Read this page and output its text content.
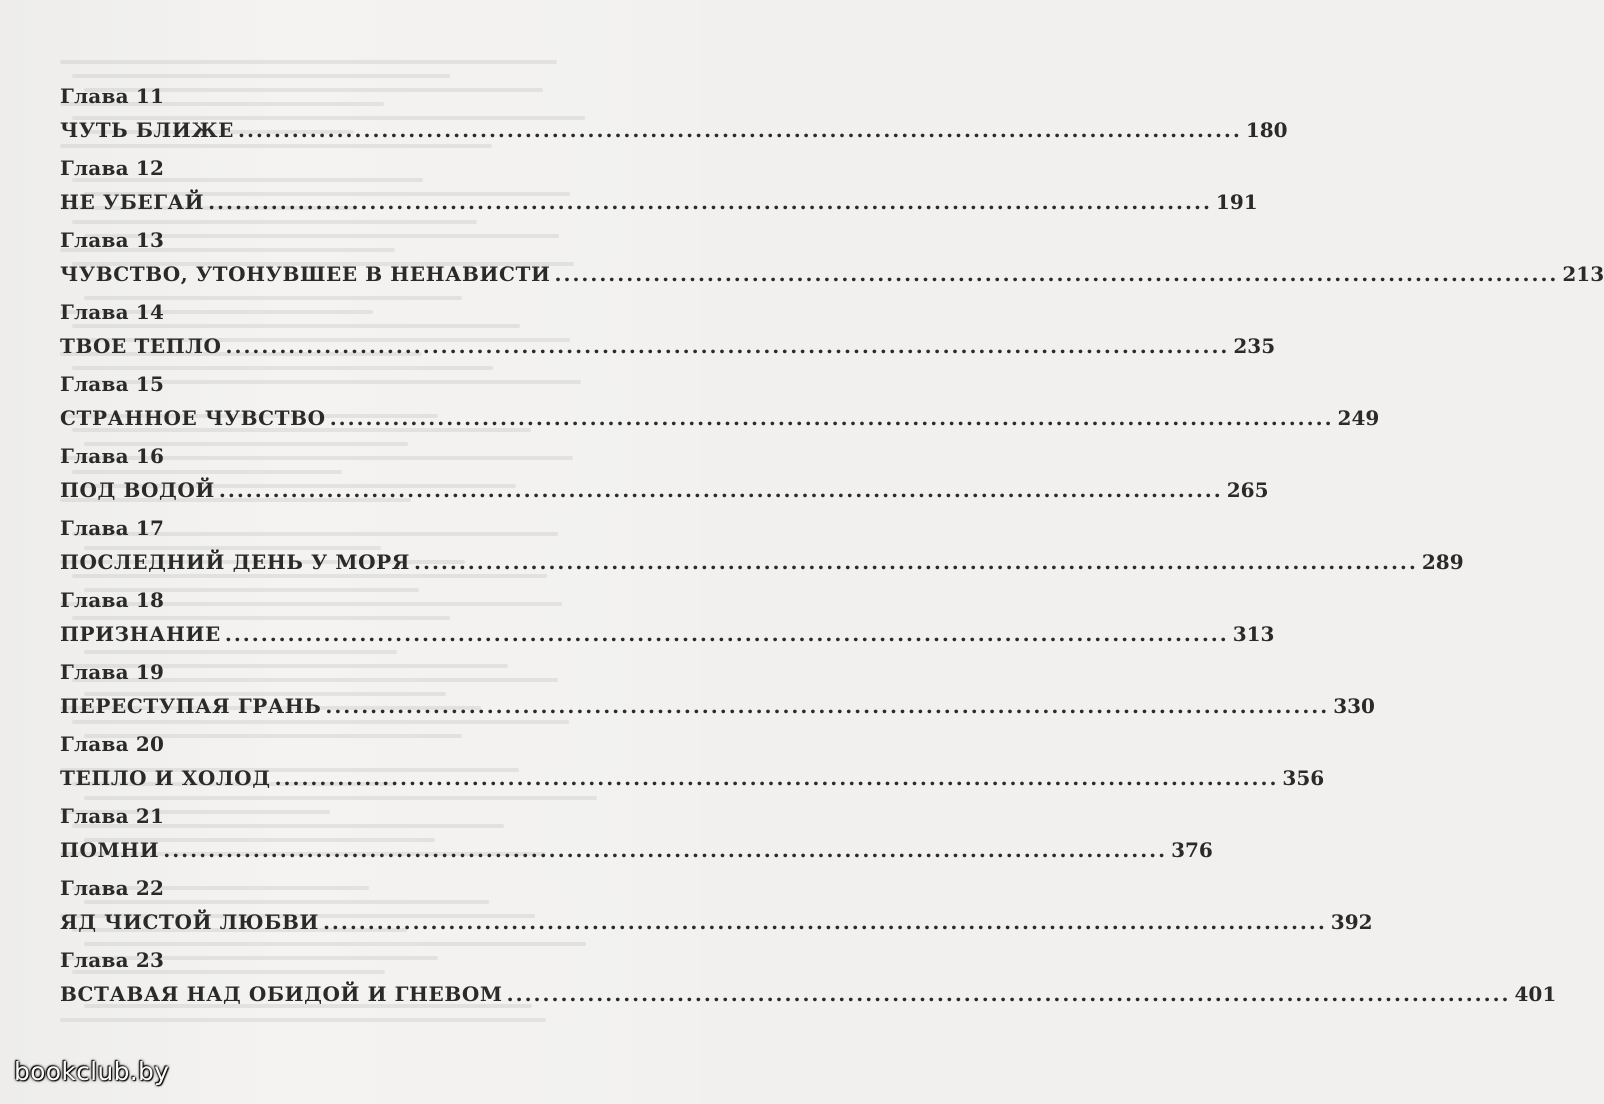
Глава 11
ЧУТЬ БЛИЖЕ ................................................................................................................ 180
Глава 12
НЕ УБЕГАЙ ................................................................................................................ 191
Глава 13
ЧУВСТВО, УТОНУВШЕЕ В НЕНАВИСТИ ................................................................................................................ 213
Глава 14
ТВОЕ ТЕПЛО ................................................................................................................ 235
Глава 15
СТРАННОЕ ЧУВСТВО ................................................................................................................ 249
Глава 16
ПОД ВОДОЙ ................................................................................................................ 265
Глава 17
ПОСЛЕДНИЙ ДЕНЬ У МОРЯ ................................................................................................................ 289
Глава 18
ПРИЗНАНИЕ ................................................................................................................ 313
Глава 19
ПЕРЕСТУПАЯ ГРАНЬ ................................................................................................................ 330
Глава 20
ТЕПЛО И ХОЛОД ................................................................................................................ 356
Глава 21
ПОМНИ ................................................................................................................ 376
Глава 22
ЯД ЧИСТОЙ ЛЮБВИ ................................................................................................................ 392
Глава 23
ВСТАВАЯ НАД ОБИДОЙ И ГНЕВОМ ................................................................................................................ 401
bookclub.by
